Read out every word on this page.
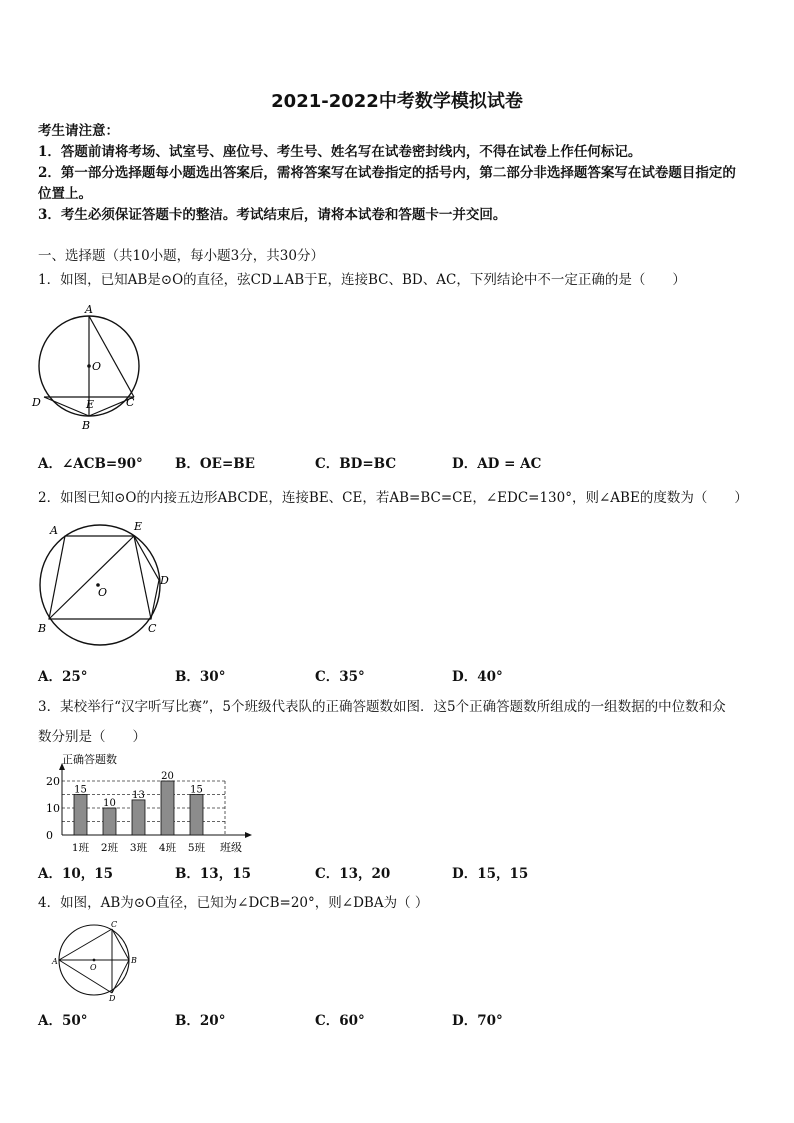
2021-2022中考数学模拟试卷
考生请注意：
1．答题前请将考场、试室号、座位号、考生号、姓名写在试卷密封线内，不得在试卷上作任何标记。
2．第一部分选择题每小题选出答案后，需将答案写在试卷指定的括号内，第二部分非选择题答案写在试卷题目指定的
位置上。
3．考生必须保证答题卡的整洁。考试结束后，请将本试卷和答题卡一并交回。
一、选择题（共10小题，每小题3分，共30分）
1．如图，已知AB是⊙O的直径，弦CD⊥AB于E，连接BC、BD、AC，下列结论中不一定正确的是（　　）
A
O
D	E	C
B
A．∠ACB=90° B．OE=BE	C．BD=BC	D．AD = AC
2．如图已知⊙O的内接五边形ABCDE，连接BE、CE，若AB=BC=CE，∠EDC=130°，则∠ABE的度数为（　　）
A	E
D
O
B	C
A．25°	B．30°	C．35°	D．40°
3．某校举行“汉字听写比赛”，5个班级代表队的正确答题数如图．这5个正确答题数所组成的一组数据的中位数和众
数分别是（　　）
正确答题数
班级
0
10
20
15
1班
10
2班
13
3班
20
4班
15
5班
A．10，15	B．13，15	C．13，20	D．15，15
4．如图，AB为⊙O直径，已知为∠DCB=20°，则∠DBA为（ ）
A
O
C
B
D
A．50°	B．20°	C．60°	D．70°
